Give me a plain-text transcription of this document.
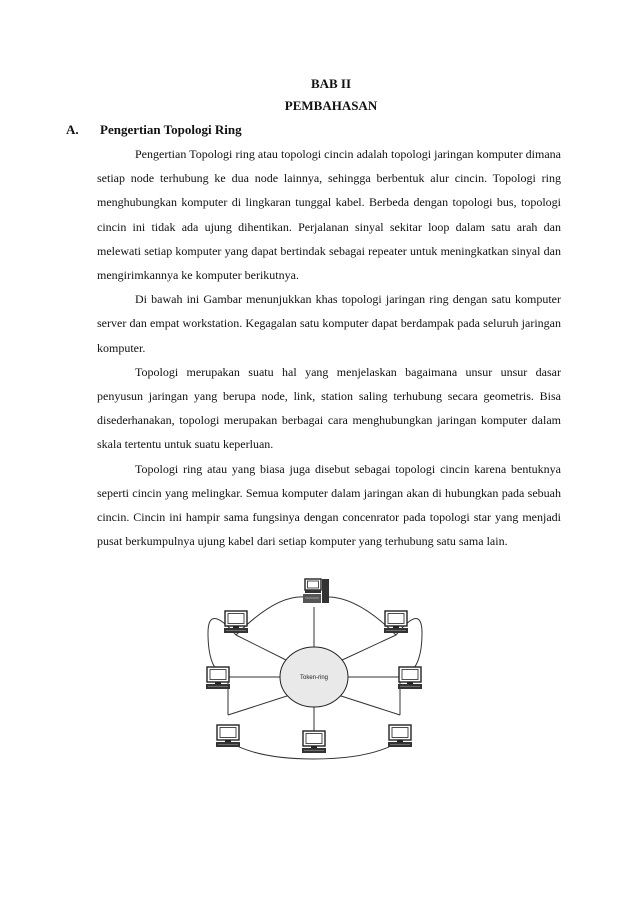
BAB II
PEMBAHASAN
A. Pengertian Topologi Ring

Pengertian Topologi ring atau topologi cincin adalah topologi jaringan komputer dimana setiap node terhubung ke dua node lainnya, sehingga berbentuk alur cincin. Topologi ring menghubungkan komputer di lingkaran tunggal kabel. Berbeda dengan topologi bus, topologi cincin ini tidak ada ujung dihentikan. Perjalanan sinyal sekitar loop dalam satu arah dan melewati setiap komputer yang dapat bertindak sebagai repeater untuk meningkatkan sinyal dan mengirimkannya ke komputer berikutnya.

Di bawah ini Gambar menunjukkan khas topologi jaringan ring dengan satu komputer server dan empat workstation. Kegagalan satu komputer dapat berdampak pada seluruh jaringan komputer.

Topologi merupakan suatu hal yang menjelaskan bagaimana unsur unsur dasar penyusun jaringan yang berupa node, link, station saling terhubung secara geometris. Bisa disederhanakan, topologi merupakan berbagai cara menghubungkan jaringan komputer dalam skala tertentu untuk suatu keperluan.

Topologi ring atau yang biasa juga disebut sebagai topologi cincin karena bentuknya seperti cincin yang melingkar. Semua komputer dalam jaringan akan di hubungkan pada sebuah cincin. Cincin ini hampir sama fungsinya dengan concenrator pada topologi star yang menjadi pusat berkumpulnya ujung kabel dari setiap komputer yang terhubung satu sama lain.

Token-ring
